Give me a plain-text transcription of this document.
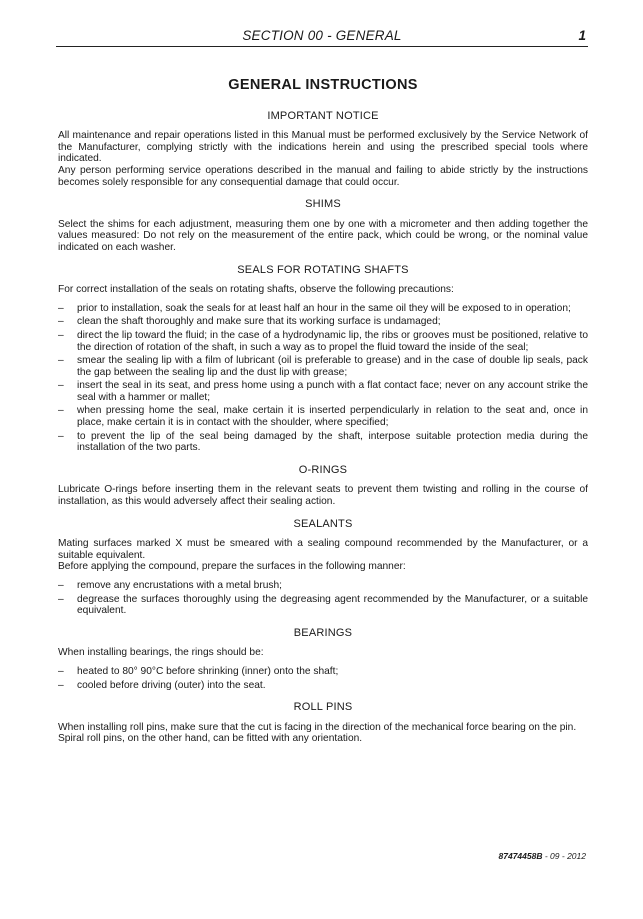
SECTION 00 - GENERAL	1
GENERAL INSTRUCTIONS
IMPORTANT NOTICE

All maintenance and repair operations listed in this Manual must be performed exclusively by the Service Network of the Manufacturer, complying strictly with the indications herein and using the prescribed special tools where indicated.

Any person performing service operations described in the manual and failing to abide strictly by the instructions becomes solely responsible for any consequential damage that could occur.

SHIMS

Select the shims for each adjustment, measuring them one by one with a micrometer and then adding together the values measured: Do not rely on the measurement of the entire pack, which could be wrong, or the nominal value indicated on each washer.

SEALS FOR ROTATING SHAFTS

For correct installation of the seals on rotating shafts, observe the following precautions:

– prior to installation, soak the seals for at least half an hour in the same oil they will be exposed to in operation;
– clean the shaft thoroughly and make sure that its working surface is undamaged;
– direct the lip toward the fluid; in the case of a hydrodynamic lip, the ribs or grooves must be positioned, relative to the direction of rotation of the shaft, in such a way as to propel the fluid toward the inside of the seal;
– smear the sealing lip with a film of lubricant (oil is preferable to grease) and in the case of double lip seals, pack the gap between the sealing lip and the dust lip with grease;
– insert the seal in its seat, and press home using a punch with a flat contact face; never on any account strike the seal with a hammer or mallet;
– when pressing home the seal, make certain it is inserted perpendicularly in relation to the seat and, once in place, make certain it is in contact with the shoulder, where specified;
– to prevent the lip of the seal being damaged by the shaft, interpose suitable protection media during the installation of the two parts.
O-RINGS

Lubricate O-rings before inserting them in the relevant seats to prevent them twisting and rolling in the course of installation, as this would adversely affect their sealing action.

SEALANTS

Mating surfaces marked X must be smeared with a sealing compound recommended by the Manufacturer, or a suitable equivalent.

Before applying the compound, prepare the surfaces in the following manner:

– remove any encrustations with a metal brush;
– degrease the surfaces thoroughly using the degreasing agent recommended by the Manufacturer, or a suitable equivalent.
BEARINGS

When installing bearings, the rings should be:

– heated to 80° 90°C before shrinking (inner) onto the shaft;
– cooled before driving (outer) into the seat.
ROLL PINS

When installing roll pins, make sure that the cut is facing in the direction of the mechanical force bearing on the pin.

Spiral roll pins, on the other hand, can be fitted with any orientation.

87474458B - 09 - 2012
